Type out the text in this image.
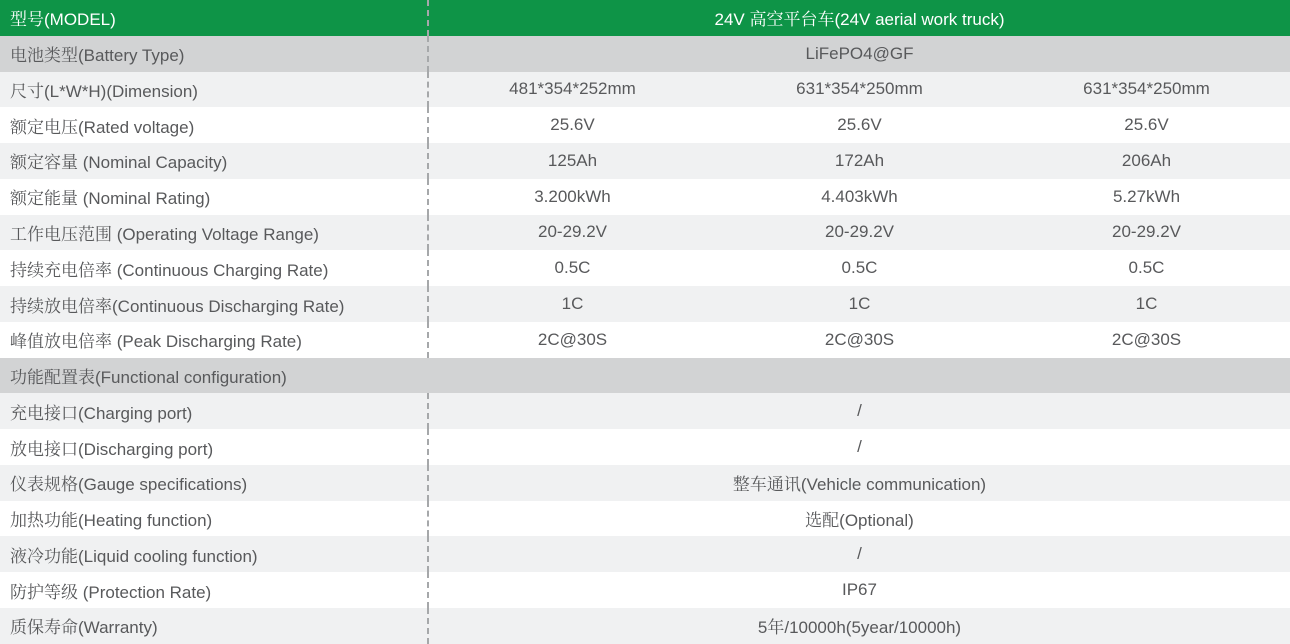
型号(MODEL)	24V 高空平台车(24V aerial work truck)
电池类型(Battery Type)	LiFePO4@GF
尺寸(L*W*H)(Dimension)	481*354*252mm	631*354*250mm	631*354*250mm
额定电压(Rated voltage)	25.6V	25.6V	25.6V
额定容量 (Nominal Capacity)	125Ah	172Ah	206Ah
额定能量 (Nominal Rating)	3.200kWh	4.403kWh	5.27kWh
工作电压范围 (Operating Voltage Range)	20-29.2V	20-29.2V	20-29.2V
持续充电倍率 (Continuous Charging Rate)	0.5C	0.5C	0.5C
持续放电倍率(Continuous Discharging Rate)	1C	1C	1C
峰值放电倍率 (Peak Discharging Rate)	2C@30S	2C@30S	2C@30S
功能配置表(Functional configuration)
充电接口(Charging port)	/
放电接口(Discharging port)	/
仪表规格(Gauge specifications)	整车通讯(Vehicle communication)
加热功能(Heating function)	选配(Optional)
液冷功能(Liquid cooling function)	/
防护等级 (Protection Rate)	IP67
质保寿命(Warranty)	5年/10000h(5year/10000h)
